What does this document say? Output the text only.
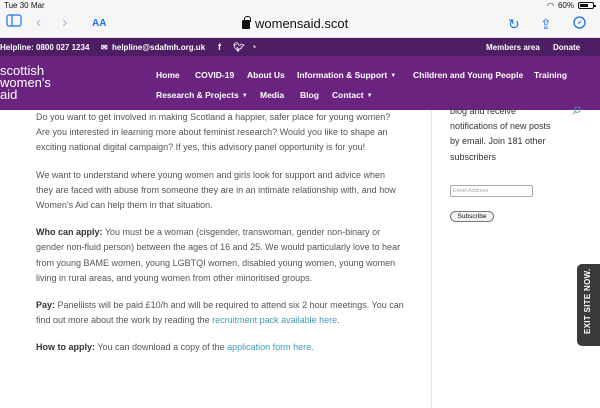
Tue 30 Mar	◠ 60%
‹ › AA	womensaid.scot	↻ ⇪
Helpline: 0800 027 1234 ✉ helpline@sdafmh.org.uk f 🐦︎ ◔	Members area Donate
scottish
women's
aid
Home COVID-19 About Us Information & Support ▼ Children and Young People Training
Research & Projects ▼ Media Blog Contact ▼

Do you want to get involved in making Scotland a happier, safer place for young women? Are you interested in learning more about feminist research? Would you like to shape an exciting national digital campaign? If yes, this advisory panel opportunity is for you!

We want to understand where young women and girls look for support and advice when they are faced with abuse from someone they are in an intimate relationship with, and how Women's Aid can help them in that situation.

Who can apply: You must be a woman (cisgender, transwoman, gender non-binary or gender non-fluid person) between the ages of 16 and 25. We would particularly love to hear from young BAME women, young LGBTQI women, disabled young women, young women living in rural areas, and young women from other minoritised groups.

Pay: Panellists will be paid £10/h and will be required to attend six 2 hour meetings. You can find out more about the work by reading the recruitment pack available here.

How to apply: You can download a copy of the application form here.

blog and receive notifications of new posts by email. Join 181 other subscribers
Email Address
Subscribe
EXIT SITE NOW.
